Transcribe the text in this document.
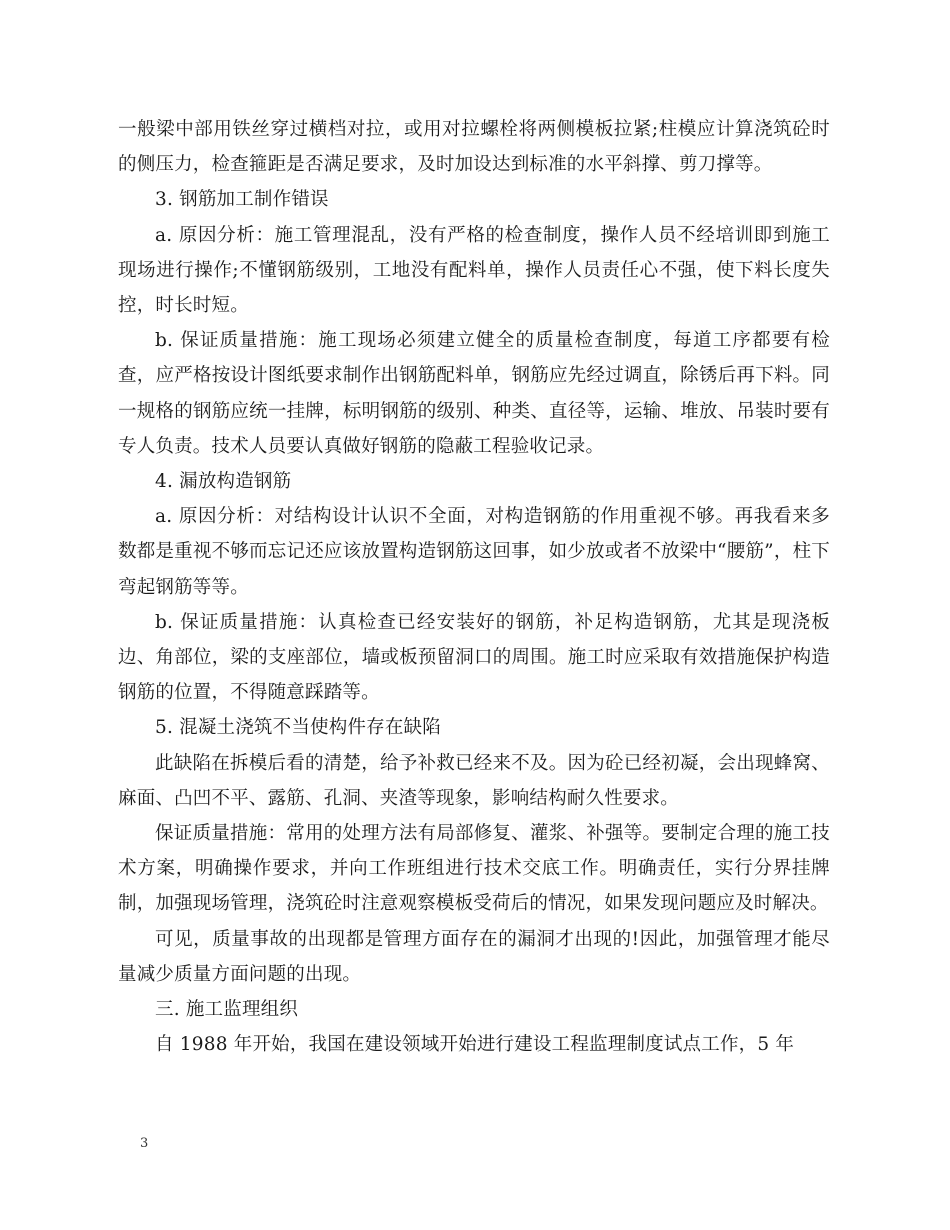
一般梁中部用铁丝穿过横档对拉，或用对拉螺栓将两侧模板拉紧;柱模应计算浇筑砼时的侧压力，检查箍距是否满足要求，及时加设达到标准的水平斜撑、剪刀撑等。

3. 钢筋加工制作错误

a. 原因分析：施工管理混乱，没有严格的检查制度，操作人员不经培训即到施工现场进行操作;不懂钢筋级别，工地没有配料单，操作人员责任心不强，使下料长度失控，时长时短。

b. 保证质量措施：施工现场必须建立健全的质量检查制度，每道工序都要有检查，应严格按设计图纸要求制作出钢筋配料单，钢筋应先经过调直，除锈后再下料。同一规格的钢筋应统一挂牌，标明钢筋的级别、种类、直径等，运输、堆放、吊装时要有专人负责。技术人员要认真做好钢筋的隐蔽工程验收记录。

4. 漏放构造钢筋

a. 原因分析：对结构设计认识不全面，对构造钢筋的作用重视不够。再我看来多数都是重视不够而忘记还应该放置构造钢筋这回事，如少放或者不放梁中“腰筋”，柱下弯起钢筋等等。

b. 保证质量措施：认真检查已经安装好的钢筋，补足构造钢筋，尤其是现浇板边、角部位，梁的支座部位，墙或板预留洞口的周围。施工时应采取有效措施保护构造钢筋的位置，不得随意踩踏等。

5. 混凝土浇筑不当使构件存在缺陷

此缺陷在拆模后看的清楚，给予补救已经来不及。因为砼已经初凝，会出现蜂窝、麻面、凸凹不平、露筋、孔洞、夹渣等现象，影响结构耐久性要求。

保证质量措施：常用的处理方法有局部修复、灌浆、补强等。要制定合理的施工技术方案，明确操作要求，并向工作班组进行技术交底工作。明确责任，实行分界挂牌制，加强现场管理，浇筑砼时注意观察模板受荷后的情况，如果发现问题应及时解决。

可见，质量事故的出现都是管理方面存在的漏洞才出现的!因此，加强管理才能尽量减少质量方面问题的出现。

三. 施工监理组织

自 1988 年开始，我国在建设领域开始进行建设工程监理制度试点工作，5 年

3
